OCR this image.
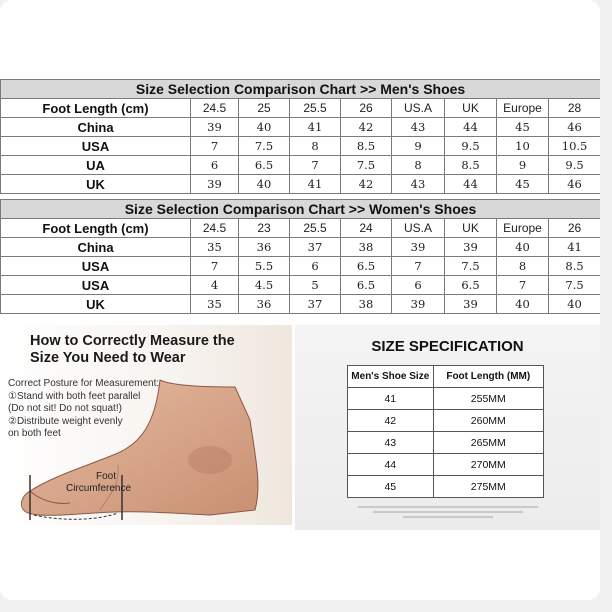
Size Selection Comparison Chart >> Men's Shoes								
Foot Length (cm)	24.5	25	25.5	26	US.A	UK	Europe	28
China	39	40	41	42	43	44	45	46
USA	7	7.5	8	8.5	9	9.5	10	10.5
UA	6	6.5	7	7.5	8	8.5	9	9.5
UK	39	40	41	42	43	44	45	46
Size Selection Comparison Chart >> Women's Shoes								
Foot Length (cm)	24.5	23	25.5	24	US.A	UK	Europe	26
China	35	36	37	38	39	39	40	41
USA	7	5.5	6	6.5	7	7.5	8	8.5
USA	4	4.5	5	6.5	6	6.5	7	7.5
UK	35	36	37	38	39	39	40	40
How to Correctly Measure the Size You Need to Wear
Correct Posture for Measurement:
①Stand with both feet parallel
(Do not sit! Do not squat!)
②Distribute weight evenly
on both feet
Foot
Circumference
SIZE SPECIFICATION
Men's Shoe Size	Foot Length (MM)
41	255MM
42	260MM
43	265MM
44	270MM
45	275MM
